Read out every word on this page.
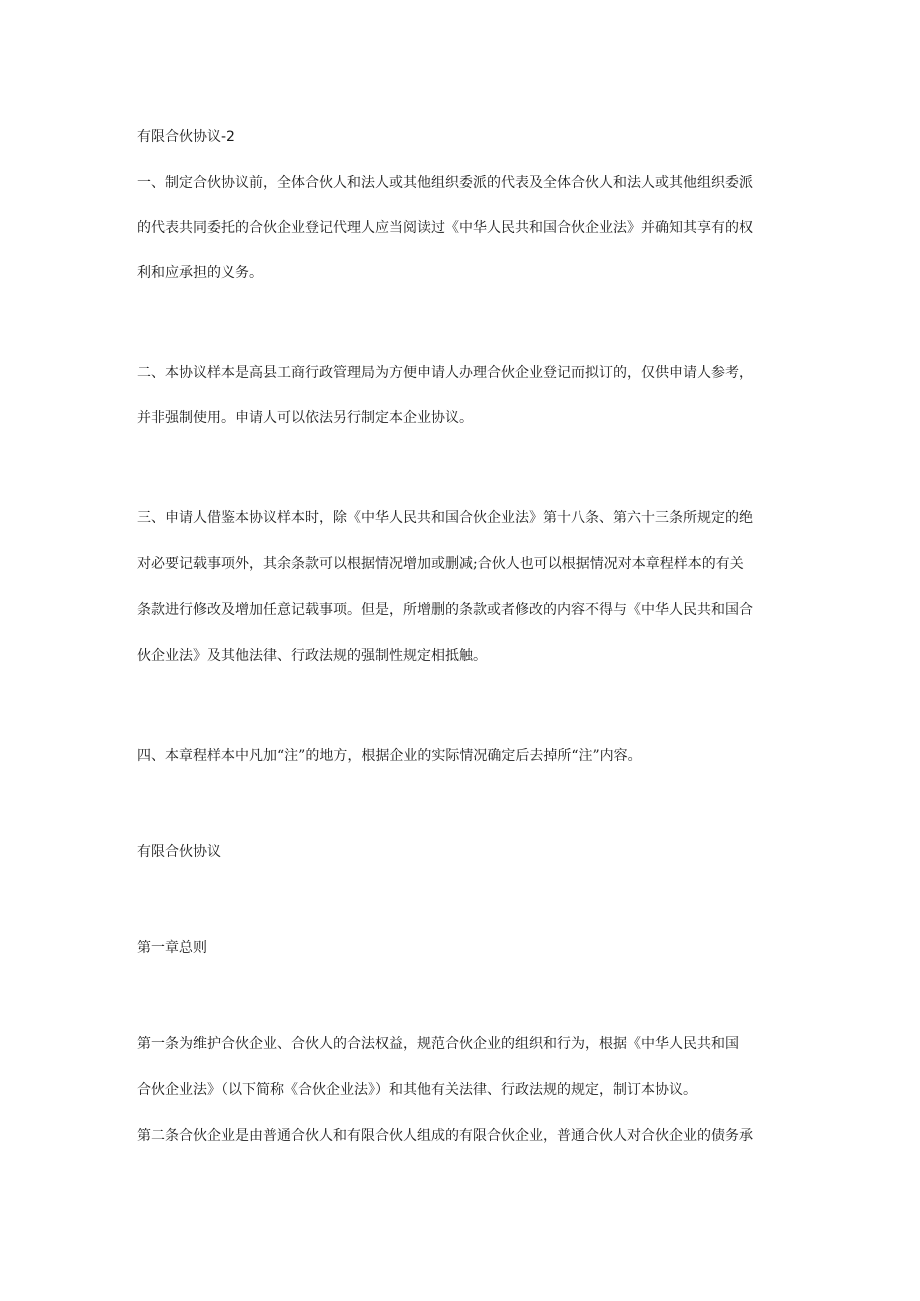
有限合伙协议-2
一、制定合伙协议前，全体合伙人和法人或其他组织委派的代表及全体合伙人和法人或其他组织委派
的代表共同委托的合伙企业登记代理人应当阅读过《中华人民共和国合伙企业法》并确知其享有的权
利和应承担的义务。
二、本协议样本是高县工商行政管理局为方便申请人办理合伙企业登记而拟订的，仅供申请人参考，
并非强制使用。申请人可以依法另行制定本企业协议。
三、申请人借鉴本协议样本时，除《中华人民共和国合伙企业法》第十八条、第六十三条所规定的绝
对必要记载事项外，其余条款可以根据情况增加或删减;合伙人也可以根据情况对本章程样本的有关
条款进行修改及增加任意记载事项。但是，所增删的条款或者修改的内容不得与《中华人民共和国合
伙企业法》及其他法律、行政法规的强制性规定相抵触。
四、本章程样本中凡加“注”的地方，根据企业的实际情况确定后去掉所“注”内容。
有限合伙协议
第一章总则
第一条为维护合伙企业、合伙人的合法权益，规范合伙企业的组织和行为，根据《中华人民共和国
合伙企业法》（以下简称《合伙企业法》）和其他有关法律、行政法规的规定，制订本协议。
第二条合伙企业是由普通合伙人和有限合伙人组成的有限合伙企业，普通合伙人对合伙企业的债务承
